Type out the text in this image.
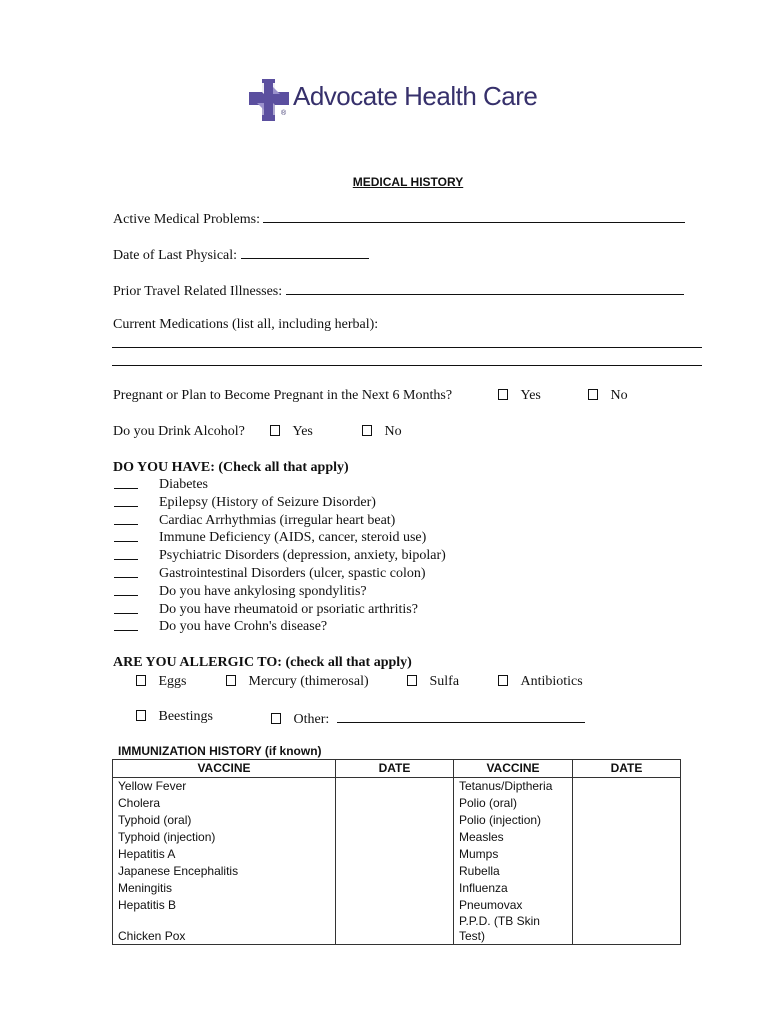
Advocate Health Care
®
MEDICAL HISTORY
Active Medical Problems:
Date of Last Physical:
Prior Travel Related Illnesses:
Current Medications (list all, including herbal):
Pregnant or Plan to Become Pregnant in the Next 6 Months?	Yes	No
Do you Drink Alcohol?	Yes	No
DO YOU HAVE: (Check all that apply)
Diabetes
Epilepsy (History of Seizure Disorder)
Cardiac Arrhythmias (irregular heart beat)
Immune Deficiency (AIDS, cancer, steroid use)
Psychiatric Disorders (depression, anxiety, bipolar)
Gastrointestinal Disorders (ulcer, spastic colon)
Do you have ankylosing spondylitis?
Do you have rheumatoid or psoriatic arthritis?
Do you have Crohn's disease?
ARE YOU ALLERGIC TO: (check all that apply)
Eggs	Mercury (thimerosal)	Sulfa	Antibiotics
Beestings	Other:
IMMUNIZATION HISTORY (if known)
VACCINE	DATE	VACCINE	DATE
Yellow Fever		Tetanus/Diptheria	
Cholera		Polio (oral)	
Typhoid (oral)		Polio (injection)	
Typhoid (injection)		Measles	
Hepatitis A		Mumps	
Japanese Encephalitis		Rubella	
Meningitis		Influenza	
Hepatitis B		Pneumovax	
Chicken Pox		P.P.D. (TB Skin
Test)	
